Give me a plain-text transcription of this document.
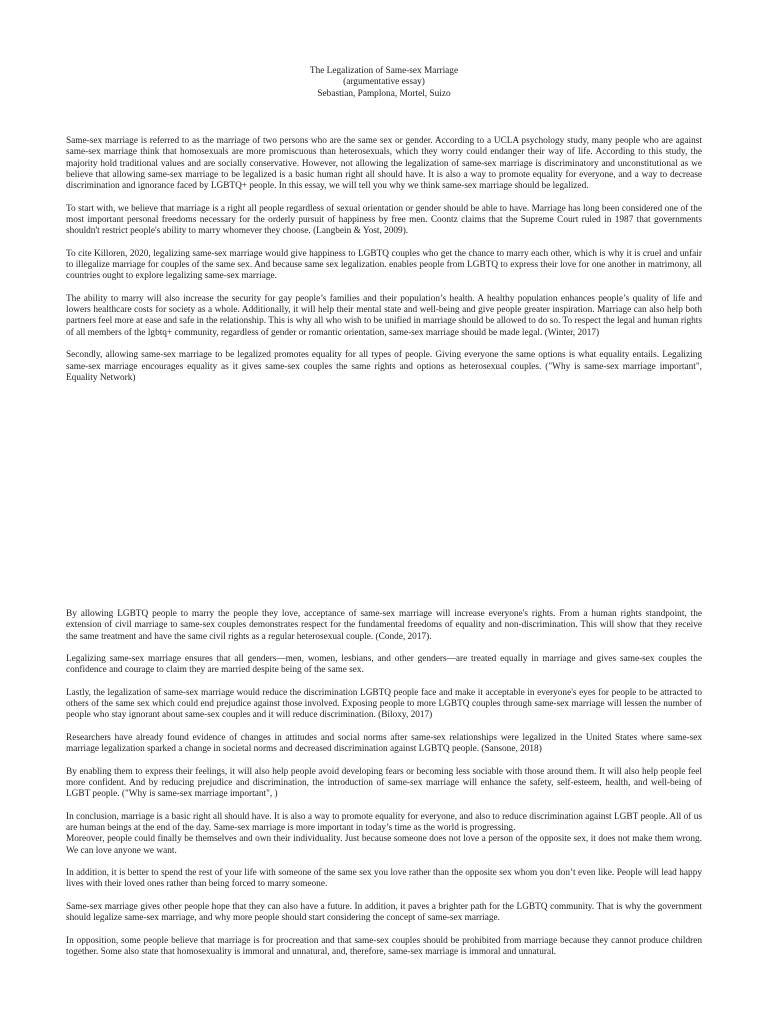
The Legalization of Same-sex Marriage
(argumentative essay)
Sebastian, Pamplona, Mortel, Suizo

Same-sex marriage is referred to as the marriage of two persons who are the same sex or gender. According to a UCLA psychology study, many people who are against same-sex marriage think that homosexuals are more promiscuous than heterosexuals, which they worry could endanger their way of life. According to this study, the majority hold traditional values and are socially conservative. However, not allowing the legalization of same-sex marriage is discriminatory and unconstitutional as we believe that allowing same-sex marriage to be legalized is a basic human right all should have. It is also a way to promote equality for everyone, and a way to decrease discrimination and ignorance faced by LGBTQ+ people. In this essay, we will tell you why we think same-sex marriage should be legalized.

To start with, we believe that marriage is a right all people regardless of sexual orientation or gender should be able to have. Marriage has long been considered one of the most important personal freedoms necessary for the orderly pursuit of happiness by free men. Coontz claims that the Supreme Court ruled in 1987 that governments shouldn't restrict people's ability to marry whomever they choose. (Langbein & Yost, 2009).

To cite Killoren, 2020, legalizing same-sex marriage would give happiness to LGBTQ couples who get the chance to marry each other, which is why it is cruel and unfair to illegalize marriage for couples of the same sex. And because same sex legalization. enables people from LGBTQ to express their love for one another in matrimony, all countries ought to explore legalizing same-sex marriage.

The ability to marry will also increase the security for gay people’s families and their population’s health. A healthy population enhances people’s quality of life and lowers healthcare costs for society as a whole. Additionally, it will help their mental state and well-being and give people greater inspiration. Marriage can also help both partners feel more at ease and safe in the relationship. This is why all who wish to be unified in marriage should be allowed to do so. To respect the legal and human rights of all members of the lgbtq+ community, regardless of gender or romantic orientation, same-sex marriage should be made legal. (Winter, 2017)

Secondly, allowing same-sex marriage to be legalized promotes equality for all types of people. Giving everyone the same options is what equality entails. Legalizing same-sex marriage encourages equality as it gives same-sex couples the same rights and options as heterosexual couples. ("Why is same-sex marriage important", Equality Network)

By allowing LGBTQ people to marry the people they love, acceptance of same-sex marriage will increase everyone's rights. From a human rights standpoint, the extension of civil marriage to same-sex couples demonstrates respect for the fundamental freedoms of equality and non-discrimination. This will show that they receive the same treatment and have the same civil rights as a regular heterosexual couple. (Conde, 2017).

Legalizing same-sex marriage ensures that all genders—men, women, lesbians, and other genders—are treated equally in marriage and gives same-sex couples the confidence and courage to claim they are married despite being of the same sex.

Lastly, the legalization of same-sex marriage would reduce the discrimination LGBTQ people face and make it acceptable in everyone's eyes for people to be attracted to others of the same sex which could end prejudice against those involved. Exposing people to more LGBTQ couples through same-sex marriage will lessen the number of people who stay ignorant about same-sex couples and it will reduce discrimination. (Biloxy, 2017)

Researchers have already found evidence of changes in attitudes and social norms after same-sex relationships were legalized in the United States where same-sex marriage legalization sparked a change in societal norms and decreased discrimination against LGBTQ people. (Sansone, 2018)

By enabling them to express their feelings, it will also help people avoid developing fears or becoming less sociable with those around them. It will also help people feel more confident. And by reducing prejudice and discrimination, the introduction of same-sex marriage will enhance the safety, self-esteem, health, and well-being of LGBT people. ("Why is same-sex marriage important", )

In conclusion, marriage is a basic right all should have. It is also a way to promote equality for everyone, and also to reduce discrimination against LGBT people. All of us are human beings at the end of the day. Same-sex marriage is more important in today’s time as the world is progressing.
Moreover, people could finally be themselves and own their individuality. Just because someone does not love a person of the opposite sex, it does not make them wrong. We can love anyone we want.

In addition, it is better to spend the rest of your life with someone of the same sex you love rather than the opposite sex whom you don’t even like. People will lead happy lives with their loved ones rather than being forced to marry someone.

Same-sex marriage gives other people hope that they can also have a future. In addition, it paves a brighter path for the LGBTQ community. That is why the government should legalize same-sex marriage, and why more people should start considering the concept of same-sex marriage.

In opposition, some people believe that marriage is for procreation and that same-sex couples should be prohibited from marriage because they cannot produce children together. Some also state that homosexuality is immoral and unnatural, and, therefore, same-sex marriage is immoral and unnatural.
